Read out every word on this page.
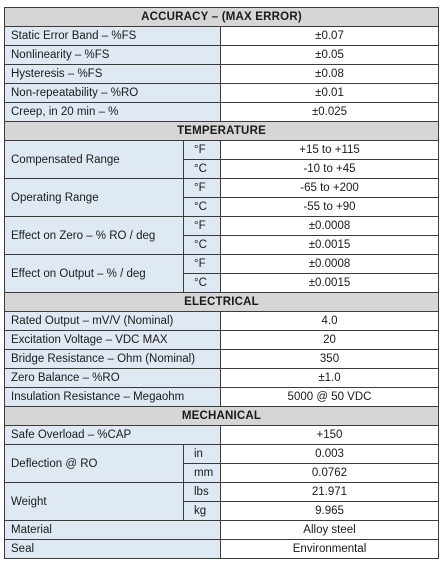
ACCURACY – (MAX ERROR)		
Static Error Band – %FS		±0.07
Nonlinearity – %FS		±0.05
Hysteresis – %FS		±0.08
Non-repeatability – %RO		±0.01
Creep, in 20 min – %		±0.025
TEMPERATURE		
Compensated Range	°F	+15 to +115
	°C	-10 to +45
Operating Range	°F	-65 to +200
	°C	-55 to +90
Effect on Zero – % RO / deg	°F	±0.0008
	°C	±0.0015
Effect on Output – % / deg	°F	±0.0008
	°C	±0.0015
ELECTRICAL		
Rated Output – mV/V (Nominal)		4.0
Excitation Voltage – VDC MAX		20
Bridge Resistance – Ohm (Nominal)		350
Zero Balance – %RO		±1.0
Insulation Resistance – Megaohm		5000 @ 50 VDC
MECHANICAL		
Safe Overload – %CAP		+150
Deflection @ RO	in	0.003
	mm	0.0762
Weight	lbs	21.971
	kg	9.965
Material		Alloy steel
Seal		Environmental
